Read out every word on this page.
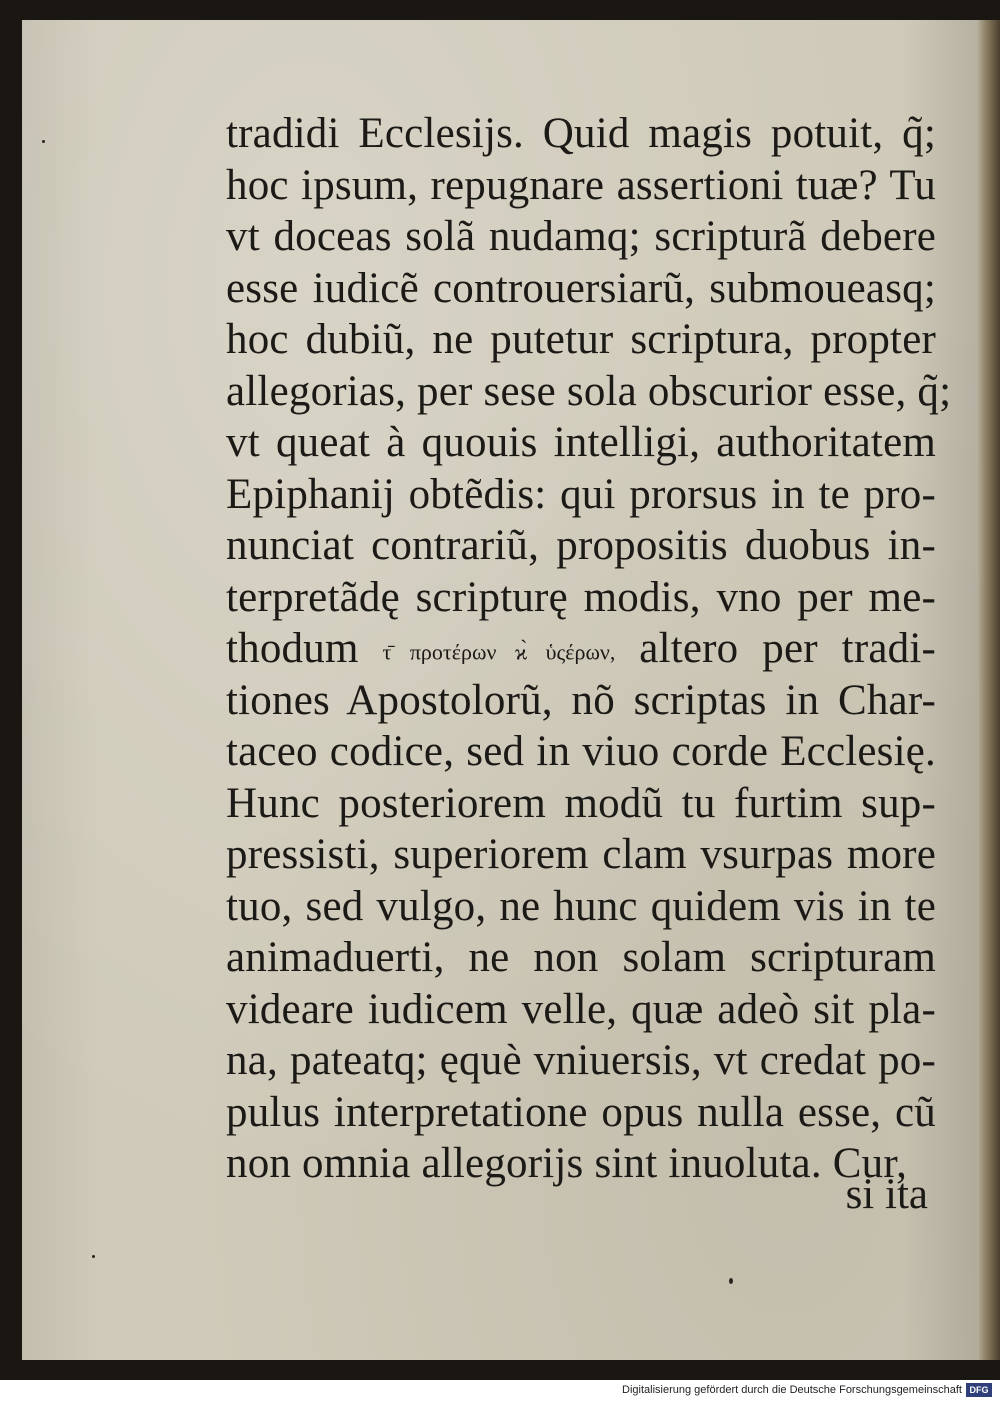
tradidi Ecclesijs. Quid magis potuit, q̃;
hoc ipsum, repugnare assertioni tuæ? Tu
vt doceas solã nudamq; scripturã debere
esse iudicẽ controuersiarũ, submoueasq;
hoc dubiũ, ne putetur scriptura, propter
allegorias, per sese sola obscurior esse, q̃;
vt queat à quouis intelligi, authoritatem
Epiphanij obtẽdis: qui prorsus in te pro-
nunciat contrariũ, propositis duobus in-
terpretãdę scripturę modis, vno per me-
thodum τ̄ πρoτέρων ϰ̀ ὑςέρων, altero per tradi-
tiones Apostolorũ, nõ scriptas in Char-
taceo codice, sed in viuo corde Ecclesię.
Hunc posteriorem modũ tu furtim sup-
pressisti, superiorem clam vsurpas more
tuo, sed vulgo, ne hunc quidem vis in te
animaduerti, ne non solam scripturam
videare iudicem velle, quæ adeò sit pla-
na, pateatq; ęquè vniuersis, vt credat po-
pulus interpretatione opus nulla esse, cũ
non omnia allegorijs sint inuoluta. Cur,
si ita
Digitalisierung gefördert durch die Deutsche Forschungsgemeinschaft DFG
